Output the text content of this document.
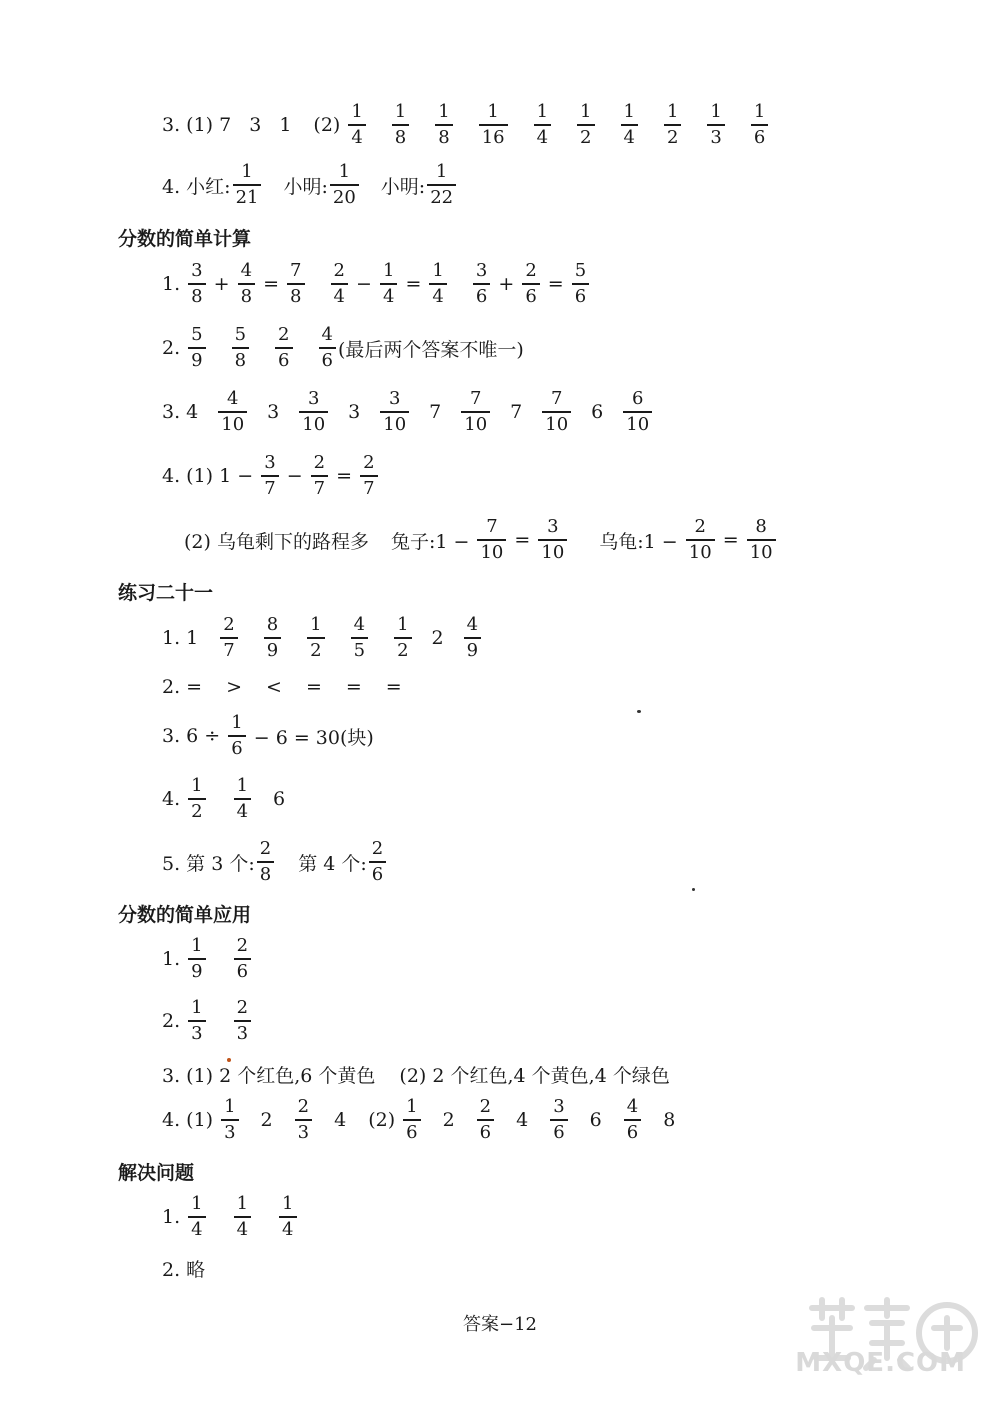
3. (1) 7 3 1 $(2) \frac{1}{4} \frac{1}{8} \frac{1}{8} \frac{1}{16} \frac{1}{4} \frac{1}{2} \frac{1}{4} \frac{1}{2} \frac{1}{3} \frac{1}{6}$
4. 小红: $\frac{1}{21}$ 小明: $\frac{1}{20}$ 小明: $\frac{1}{22}$
分数的简单计算
1. $\frac{3}{8} + \frac{4}{8} = \frac{7}{8} \frac{2}{4} - \frac{1}{4} = \frac{1}{4} \frac{3}{6} + \frac{2}{6} = \frac{5}{6}$
2. $\frac{5}{9} \frac{5}{8} \frac{2}{6} \frac{4}{6}$ (最后两个答案不唯一)
3. $4 \frac{4}{10} 3 \frac{3}{10} 3 \frac{3}{10} 7 \frac{7}{10} 7 \frac{7}{10} 6 \frac{6}{10}$
4. (1) $1 - \frac{3}{7} - \frac{2}{7} = \frac{2}{7}$
(2) 乌龟剩下的路程多 兔子:1 − $\frac{7}{10} = \frac{3}{10}$ 乌龟:1 − $\frac{2}{10} = \frac{8}{10}$
练习二十一
1. $1 \frac{2}{7} \frac{8}{9} \frac{1}{2} \frac{4}{5} \frac{1}{2} 2 \frac{4}{9}$
2. = > < = = =
3. $6 \div \frac{1}{6} - 6 = 30$(块)
4. $\frac{1}{2} \frac{1}{4} 6$
5. 第 3 个: $\frac{2}{8}$ 第 4 个: $\frac{2}{6}$
分数的简单应用
1. $\frac{1}{9} \frac{2}{6}$
2. $\frac{1}{3} \frac{2}{3}$
3. (1) 2 个红色,6 个黄色 (2) 2 个红色,4 个黄色,4 个绿色
4. $(1) \frac{1}{3} 2 \frac{2}{3} 4$ $(2) \frac{1}{6} 2 \frac{2}{6} 4 \frac{3}{6} 6 \frac{4}{6} 8$
解决问题
1. $\frac{1}{4} \frac{1}{4} \frac{1}{4}$
2. 略
答案−12
MXQE.COM
